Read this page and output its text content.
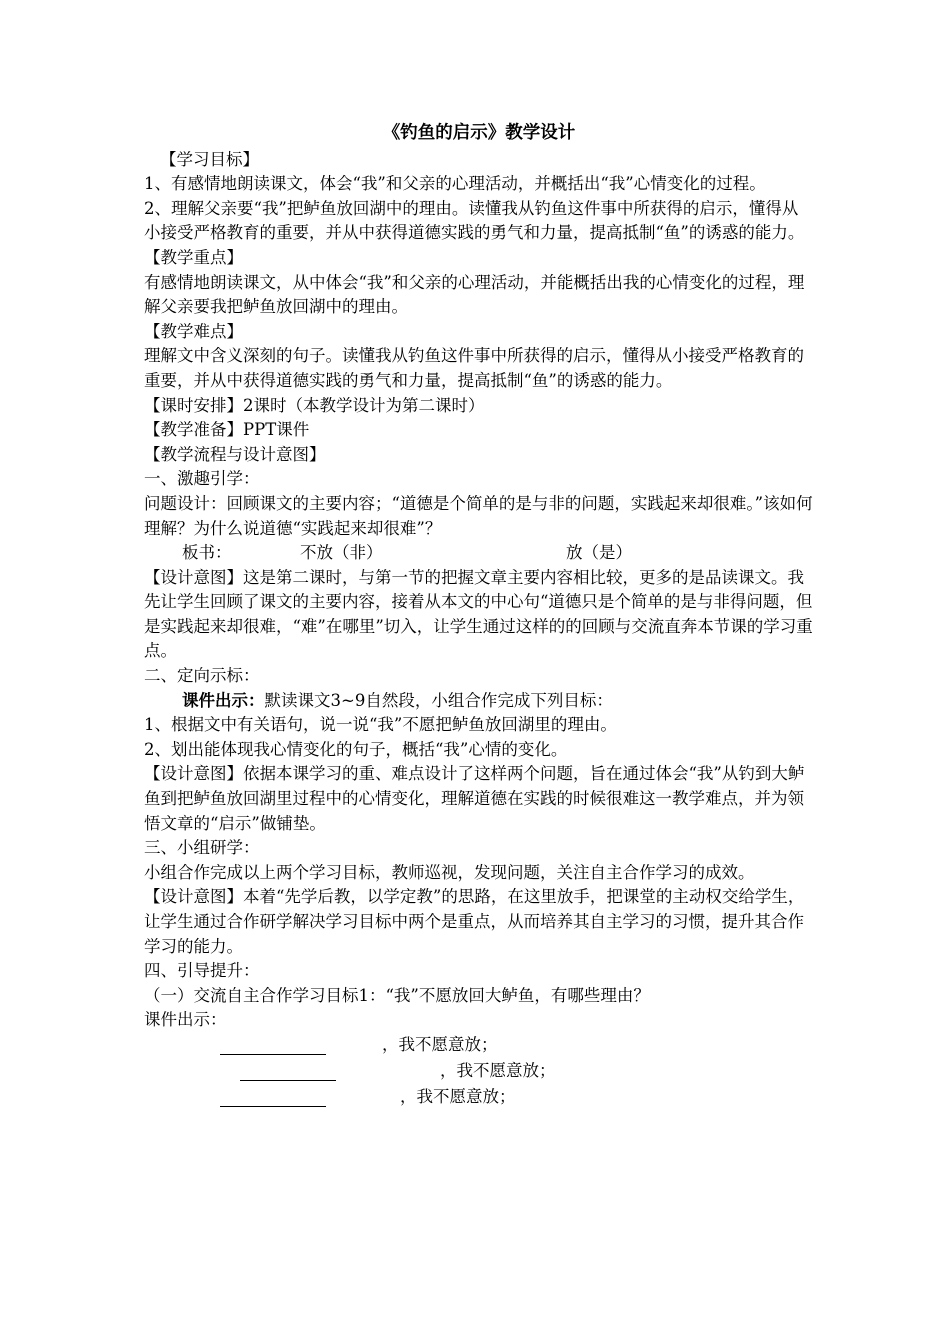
《钓鱼的启示》教学设计

【学习目标】

1、有感情地朗读课文，体会“我”和父亲的心理活动，并概括出“我”心情变化的过程。

2、理解父亲要“我”把鲈鱼放回湖中的理由。读懂我从钓鱼这件事中所获得的启示，懂得从小接受严格教育的重要，并从中获得道德实践的勇气和力量，提高抵制“鱼”的诱惑的能力。

【教学重点】

有感情地朗读课文，从中体会“我”和父亲的心理活动，并能概括出我的心情变化的过程，理解父亲要我把鲈鱼放回湖中的理由。

【教学难点】

理解文中含义深刻的句子。读懂我从钓鱼这件事中所获得的启示，懂得从小接受严格教育的重要，并从中获得道德实践的勇气和力量，提高抵制“鱼”的诱惑的能力。

【课时安排】2课时（本教学设计为第二课时）

【教学准备】PPT课件

【教学流程与设计意图】

一、激趣引学：

问题设计：回顾课文的主要内容；“道德是个简单的是与非的问题，实践起来却很难。”该如何理解？为什么说道德“实践起来却很难”？

板书：	不放（非）	放（是）

【设计意图】这是第二课时，与第一节的把握文章主要内容相比较，更多的是品读课文。我先让学生回顾了课文的主要内容，接着从本文的中心句“道德只是个简单的是与非得问题，但是实践起来却很难，“难”在哪里”切入，让学生通过这样的的回顾与交流直奔本节课的学习重点。

二、定向示标：

课件出示：默读课文3~9自然段，小组合作完成下列目标：

1、根据文中有关语句，说一说“我”不愿把鲈鱼放回湖里的理由。

2、划出能体现我心情变化的句子，概括“我”心情的变化。

【设计意图】依据本课学习的重、难点设计了这样两个问题，旨在通过体会“我”从钓到大鲈鱼到把鲈鱼放回湖里过程中的心情变化，理解道德在实践的时候很难这一教学难点，并为领悟文章的“启示”做铺垫。

三、小组研学：

小组合作完成以上两个学习目标，教师巡视，发现问题，关注自主合作学习的成效。

【设计意图】本着“先学后教，以学定教”的思路，在这里放手，把课堂的主动权交给学生，让学生通过合作研学解决学习目标中两个是重点，从而培养其自主学习的习惯，提升其合作学习的能力。

四、引导提升：

（一）交流自主合作学习目标1：“我”不愿放回大鲈鱼，有哪些理由？

课件出示：

，我不愿意放；
，我不愿意放；
，我不愿意放；
